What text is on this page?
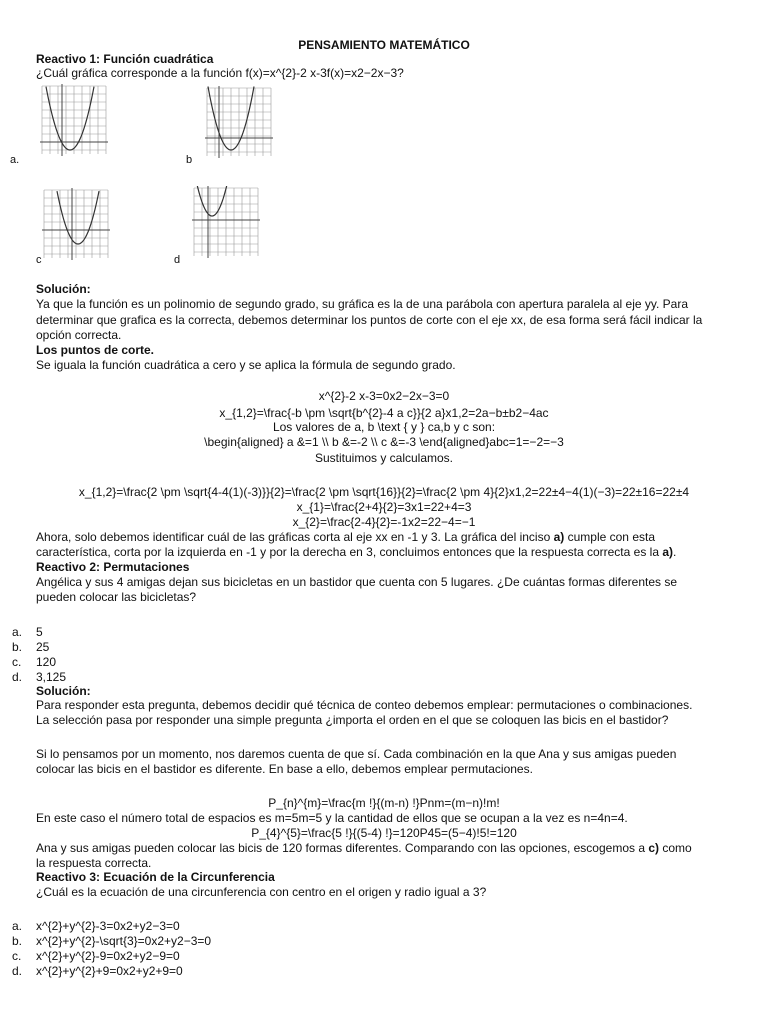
PENSAMIENTO MATEMÁTICO
Reactivo 1: Función cuadrática
¿Cuál gráfica corresponde a la función f(x)=x^{2}-2 x-3f(x)=x2−2x−3?
a.	b
c	d
Solución:
Ya que la función es un polinomio de segundo grado, su gráfica es la de una parábola con apertura paralela al eje yy. Para
determinar que grafica es la correcta, debemos determinar los puntos de corte con el eje xx, de esa forma será fácil indicar la
opción correcta.
Los puntos de corte.
Se iguala la función cuadrática a cero y se aplica la fórmula de segundo grado.
x^{2}-2 x-3=0x2−2x−3=0
x_{1,2}=\frac{-b \pm \sqrt{b^{2}-4 a c}}{2 a}x1,2=2a−b±b2−4ac
Los valores de a, b \text { y } ca,b y c son:
\begin{aligned} a &=1 \\ b &=-2 \\ c &=-3 \end{aligned}abc=1=−2=−3
Sustituimos y calculamos.
x_{1,2}=\frac{2 \pm \sqrt{4-4(1)(-3)}}{2}=\frac{2 \pm \sqrt{16}}{2}=\frac{2 \pm 4}{2}x1,2=22±4−4(1)(−3)=22±16=22±4
x_{1}=\frac{2+4}{2}=3x1=22+4=3
x_{2}=\frac{2-4}{2}=-1x2=22−4=−1
Ahora, solo debemos identificar cuál de las gráficas corta al eje xx en -1 y 3. La gráfica del inciso a) cumple con esta
característica, corta por la izquierda en -1 y por la derecha en 3, concluimos entonces que la respuesta correcta es la a).
Reactivo 2: Permutaciones
Angélica y sus 4 amigas dejan sus bicicletas en un bastidor que cuenta con 5 lugares. ¿De cuántas formas diferentes se
pueden colocar las bicicletas?
a. 5
b. 25
c. 120
d. 3,125
Solución:
Para responder esta pregunta, debemos decidir qué técnica de conteo debemos emplear: permutaciones o combinaciones.
La selección pasa por responder una simple pregunta ¿importa el orden en el que se coloquen las bicis en el bastidor?
Si lo pensamos por un momento, nos daremos cuenta de que sí. Cada combinación en la que Ana y sus amigas pueden
colocar las bicis en el bastidor es diferente. En base a ello, debemos emplear permutaciones.
P_{n}^{m}=\frac{m !}{(m-n) !}Pnm=(m−n)!m!
En este caso el número total de espacios es m=5m=5 y la cantidad de ellos que se ocupan a la vez es n=4n=4.
P_{4}^{5}=\frac{5 !}{(5-4) !}=120P45=(5−4)!5!=120
Ana y sus amigas pueden colocar las bicis de 120 formas diferentes. Comparando con las opciones, escogemos a c) como
la respuesta correcta.
Reactivo 3: Ecuación de la Circunferencia
¿Cuál es la ecuación de una circunferencia con centro en el origen y radio igual a 3?
a. x^{2}+y^{2}-3=0x2+y2−3=0
b. x^{2}+y^{2}-\sqrt{3}=0x2+y2−3=0
c. x^{2}+y^{2}-9=0x2+y2−9=0
d. x^{2}+y^{2}+9=0x2+y2+9=0
